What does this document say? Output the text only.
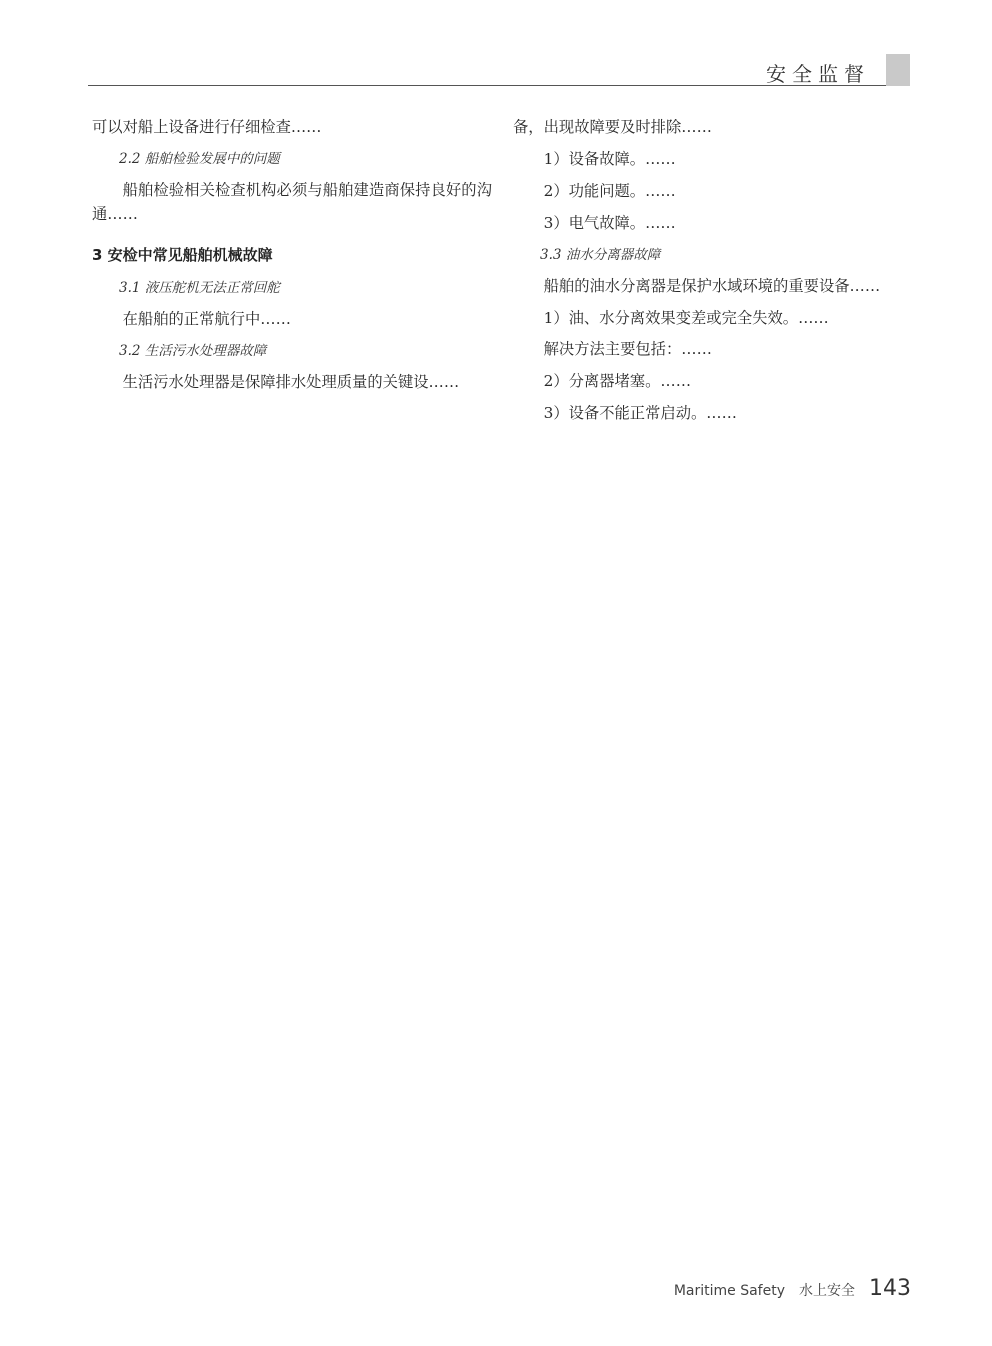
安全监督

可以对船上设备进行仔细检查……

2.2 船舶检验发展中的问题

船舶检验相关检查机构必须与船舶建造商保持良好的沟通……

3 安检中常见船舶机械故障
3.1 液压舵机无法正常回舵

在船舶的正常航行中……

3.2 生活污水处理器故障

生活污水处理器是保障排水处理质量的关键设……

备，出现故障要及时排除……

1）设备故障。……

2）功能问题。……

3）电气故障。……

3.3 油水分离器故障

船舶的油水分离器是保护水域环境的重要设备……

1）油、水分离效果变差或完全失效。……

解决方法主要包括：……

2）分离器堵塞。……

3）设备不能正常启动。……

Maritime Safety 水上安全 143
